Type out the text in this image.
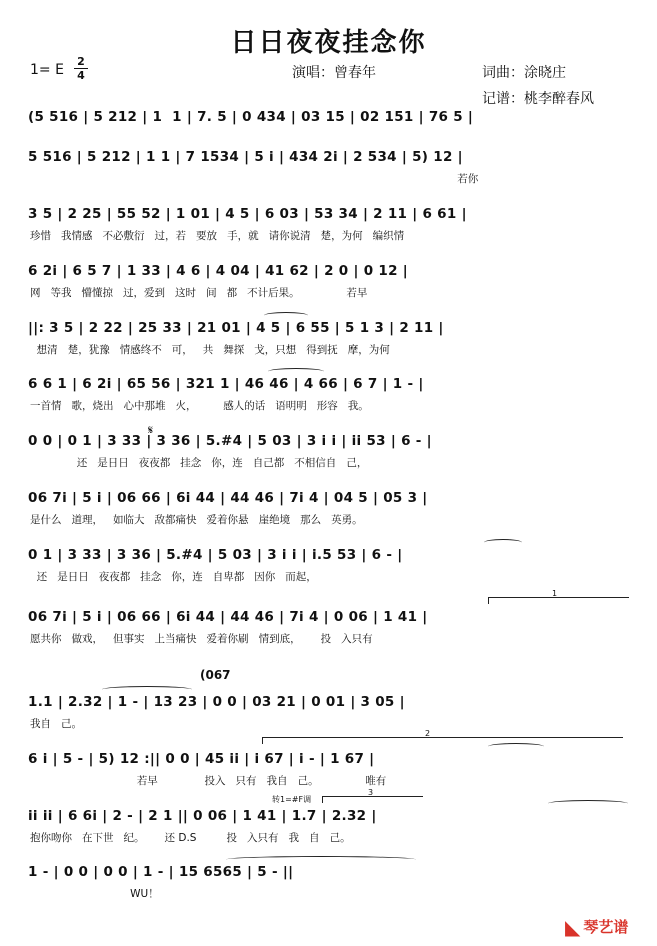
日日夜夜挂念你
1= E
2
4	演唱：曾春年	词曲：涂晓庄
记谱：桃李醉春风
(5 516 | 5 212 | 1  1 | 7. 5 | 0 434 | 03 15 | 02 151 | 76 5 |
5 516 | 5 212 | 1 1 | 7 1534 | 5 i | 434 2i | 2 534 | 5) 12 |
若你
3 5 | 2 25 | 55 52 | 1 01 | 4 5 | 6 03 | 53 34 | 2 11 | 6 61 |
珍惜   我情感   不必敷衍   过，若   要放   手，就   请你说清   楚，为何   编织情
6 2i | 6 5 7 | 1 33 | 4 6 | 4 04 | 41 62 | 2 0 | 0 12 |
网   等我   懵懂掠   过，爱到   这时   间   都   不计后果。              若早
||: 3 5 | 2 22 | 25 33 | 21 01 | 4 5 | 6 55 | 5 1 3 | 2 11 |
想清   楚，犹豫   情感终不   可，   共   舞探   戈，只想   得到抚   摩，为何
6 6 1 | 6 2i | 65 56 | 321 1 | 46 46 | 4 66 | 6 7 | 1 - |
一首情   歌，烧出   心中那堆   火，        感人的话   语明明   形容   我。
𝄋
0 0 | 0 1 | 3 33 | 3 36 | 5.#4 | 5 03 | 3 i i | ii 53 | 6 - |
还   是日日   夜夜都   挂念   你，连   自己都   不相信自   己，
06 7i | 5 i | 06 66 | 6i 44 | 44 46 | 7i 4 | 04 5 | 05 3 |
是什么   道理，   如临大   敌都痛快   爱着你悬   崖绝境   那么   英勇。
0 1 | 3 33 | 3 36 | 5.#4 | 5 03 | 3 i i | i.5 53 | 6 - |
还   是日日   夜夜都   挂念   你，连   自卑都   因你   而起，
1
06 7i | 5 i | 06 66 | 6i 44 | 44 46 | 7i 4 | 0 06 | 1 41 |
愿共你   做戏，   但事实   上当痛快   爱着你刷   情到底，      投   入只有
(067
1.1 | 2.32 | 1 - | 13 23 | 0 0 | 03 21 | 0 01 | 3 05 |
我自   己。
2
6 i | 5 - | 5) 12 :|| 0 0 | 45 ii | i 67 | i - | 1 67 |
若早              投入   只有   我自   己。              唯有
转1=#F调
3
ii ii | 6 6i | 2 - | 2 1 || 0 06 | 1 41 | 1.7 | 2.32 |
抱你吻你   在下世   纪。      还 D.S         投   入只有   我   自   己。
1 - | 0 0 | 0 0 | 1 - | 15 6565 | 5 - ||
WU！
◣ 琴艺谱
